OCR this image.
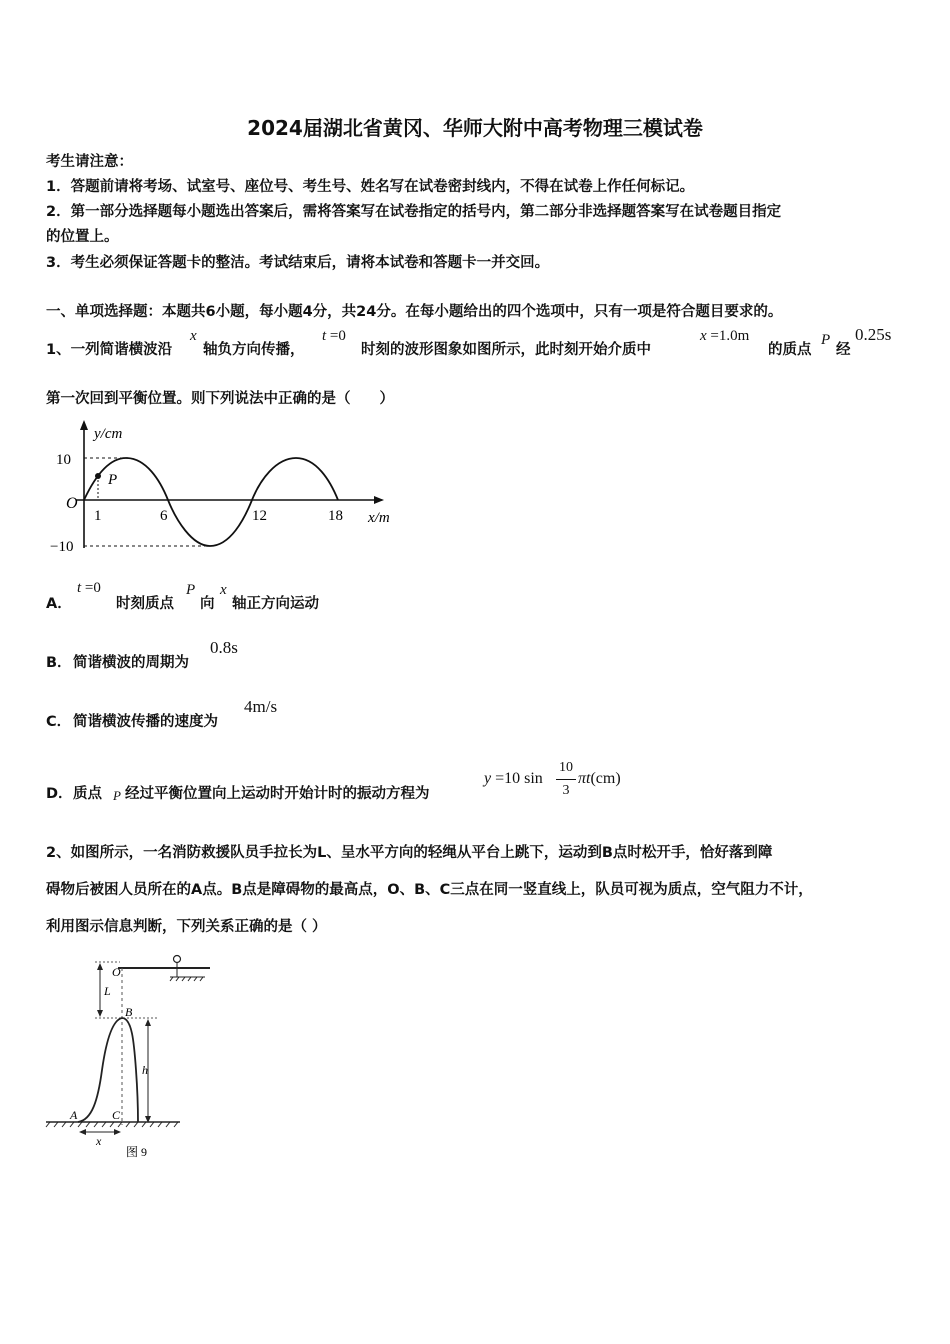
2024届湖北省黄冈、华师大附中高考物理三模试卷
考生请注意：
1．答题前请将考场、试室号、座位号、考生号、姓名写在试卷密封线内，不得在试卷上作任何标记。
2．第一部分选择题每小题选出答案后，需将答案写在试卷指定的括号内，第二部分非选择题答案写在试卷题目指定
的位置上。
3．考生必须保证答题卡的整洁。考试结束后，请将本试卷和答题卡一并交回。
一、单项选择题：本题共6小题，每小题4分，共24分。在每小题给出的四个选项中，只有一项是符合题目要求的。
1、一列简谐横波沿
x
轴负方向传播，
t =0
时刻的波形图象如图所示，此时刻开始介质中
x =1.0m
的质点
P
经
0.25s
第一次回到平衡位置。则下列说法中正确的是（　　）
y/cm
10
−10
O
P
1	6	12	18 x/m
A．
t =0
时刻质点
P
向
x
轴正方向运动
B． 简谐横波的周期为
0.8s
C． 简谐横波传播的速度为
4m/s
D． 质点 P 经过平衡位置向上运动时开始计时的振动方程为
y =10 sin
10
3
πt(cm)
2、如图所示，一名消防救援队员手拉长为L、呈水平方向的轻绳从平台上跳下，运动到B点时松开手，恰好落到障
碍物后被困人员所在的A点。B点是障碍物的最高点，O、B、C三点在同一竖直线上，队员可视为质点，空气阻力不计，
利用图示信息判断，下列关系正确的是（ ）
O
L
B
h
A	C
x
图 9
